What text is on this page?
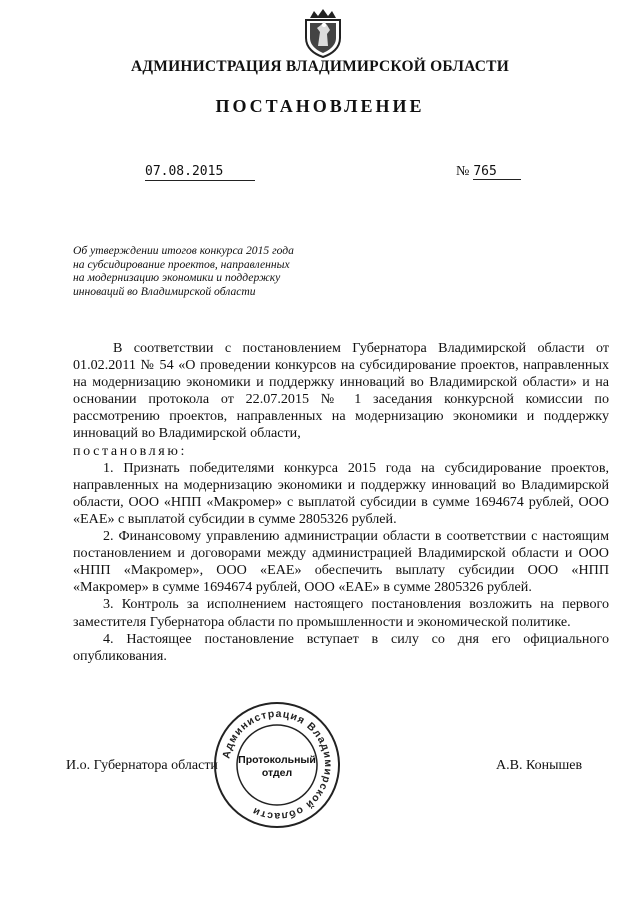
АДМИНИСТРАЦИЯ ВЛАДИМИРСКОЙ ОБЛАСТИ
ПОСТАНОВЛЕНИЕ
07.08.2015	№ 765
Об утверждении итогов конкурса 2015 года
на субсидирование проектов, направленных
на модернизацию экономики и поддержку
инноваций во Владимирской области

В соответствии с постановлением Губернатора Владимирской области от 01.02.2011 № 54 «О проведении конкурсов на субсидирование проектов, направленных на модернизацию экономики и поддержку инноваций во Владимирской области» и на основании протокола от 22.07.2015 № 1 заседания конкурсной комиссии по рассмотрению проектов, направленных на модернизацию экономики и поддержку инноваций во Владимирской области,

постановляю:

1. Признать победителями конкурса 2015 года на субсидирование проектов, направленных на модернизацию экономики и поддержку инноваций во Владимирской области, ООО «НПП «Макромер» с выплатой субсидии в сумме 1694674 рублей, ООО «ЕАЕ» с выплатой субсидии в сумме 2805326 рублей.

2. Финансовому управлению администрации области в соответствии с настоящим постановлением и договорами между администрацией Владимирской области и ООО «НПП «Макромер», ООО «ЕАЕ» обеспечить выплату субсидии ООО «НПП «Макромер» в сумме 1694674 рублей, ООО «ЕАЕ» в сумме 2805326 рублей.

3. Контроль за исполнением настоящего постановления возложить на первого заместителя Губернатора области по промышленности и экономической политике.

4. Настоящее постановление вступает в силу со дня его официального опубликования.

И.о. Губернатора области	А.В. Конышев
Администрация Владимирской области
Протокольный
отдел
